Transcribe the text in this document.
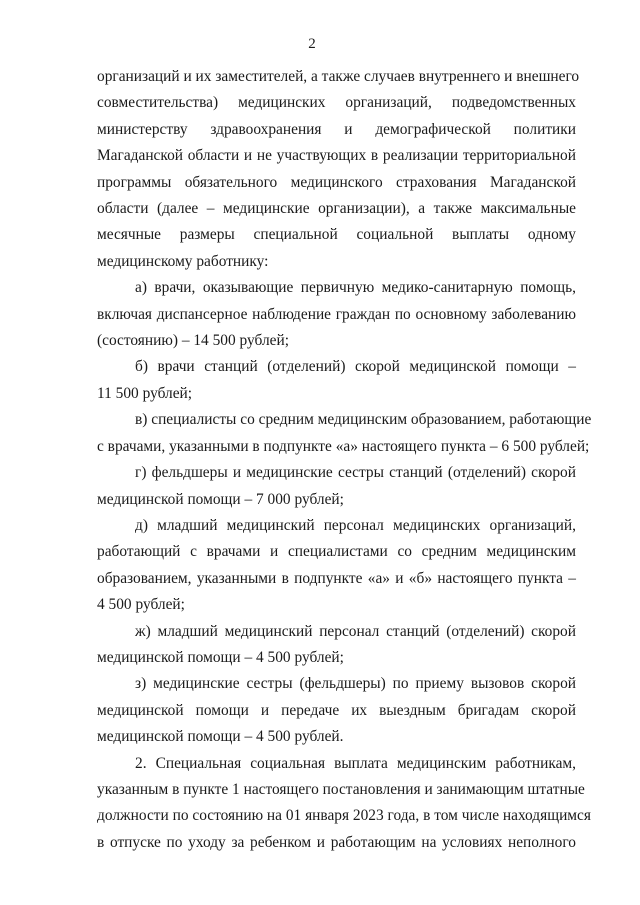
2
организаций и их заместителей, а также случаев внутреннего и внешнего
совместительства) медицинских организаций, подведомственных
министерству здравоохранения и демографической политики
Магаданской области и не участвующих в реализации территориальной
программы обязательного медицинского страхования Магаданской
области (далее – медицинские организации), а также максимальные
месячные размеры специальной социальной выплаты одному
медицинскому работнику:
а) врачи, оказывающие первичную медико-санитарную помощь,
включая диспансерное наблюдение граждан по основному заболеванию
(состоянию) – 14 500 рублей;
б) врачи станций (отделений) скорой медицинской помощи –
11 500 рублей;
в) специалисты со средним медицинским образованием, работающие
с врачами, указанными в подпункте «а» настоящего пункта – 6 500 рублей;
г) фельдшеры и медицинские сестры станций (отделений) скорой
медицинской помощи – 7 000 рублей;
д) младший медицинский персонал медицинских организаций,
работающий с врачами и специалистами со средним медицинским
образованием, указанными в подпункте «а» и «б» настоящего пункта –
4 500 рублей;
ж) младший медицинский персонал станций (отделений) скорой
медицинской помощи – 4 500 рублей;
з) медицинские сестры (фельдшеры) по приему вызовов скорой
медицинской помощи и передаче их выездным бригадам скорой
медицинской помощи – 4 500 рублей.
2. Специальная социальная выплата медицинским работникам,
указанным в пункте 1 настоящего постановления и занимающим штатные
должности по состоянию на 01 января 2023 года, в том числе находящимся
в отпуске по уходу за ребенком и работающим на условиях неполного
